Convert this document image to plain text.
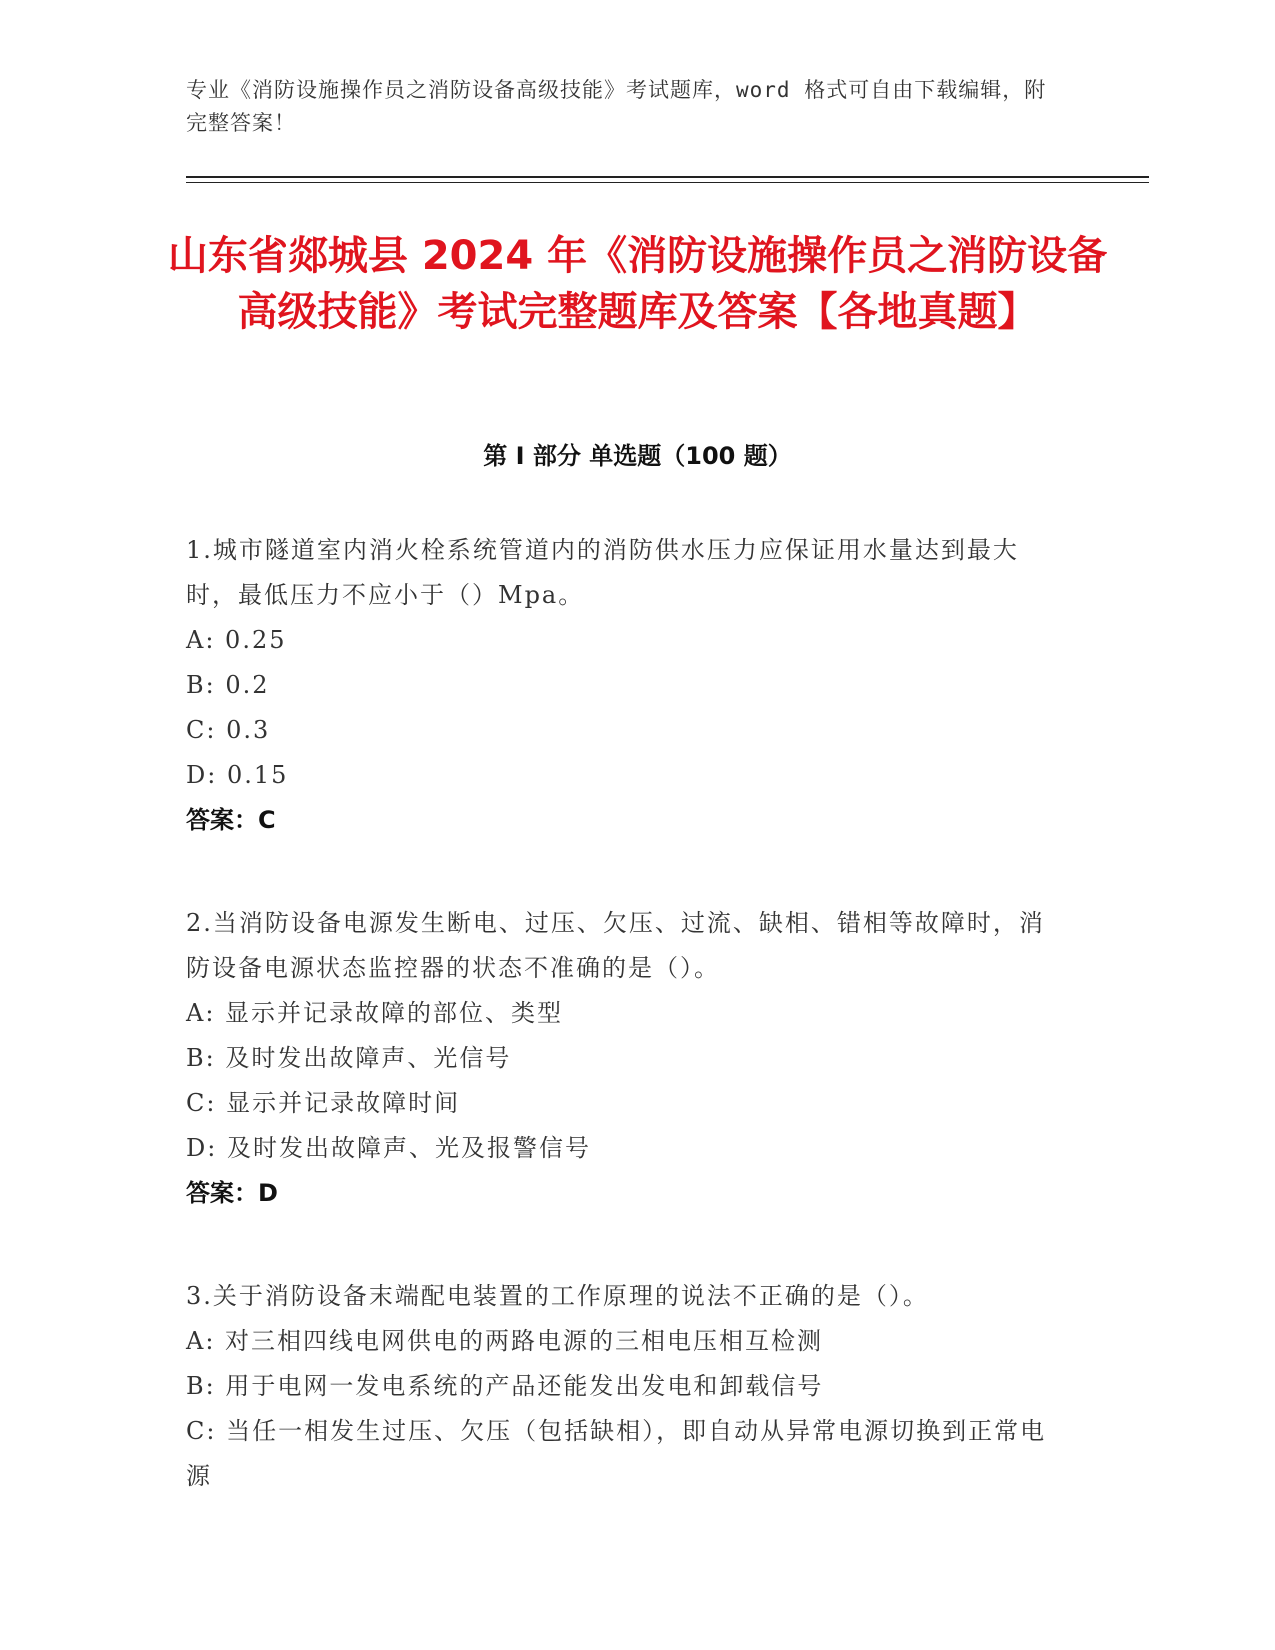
专业《消防设施操作员之消防设备高级技能》考试题库，word 格式可自由下载编辑，附完整答案！
山东省郯城县 2024 年《消防设施操作员之消防设备高级技能》考试完整题库及答案【各地真题】
第 I 部分 单选题（100 题）
1.城市隧道室内消火栓系统管道内的消防供水压力应保证用水量达到最大时，最低压力不应小于（）Mpa。
A: 0.25
B: 0.2
C: 0.3
D: 0.15
答案：C
2.当消防设备电源发生断电、过压、欠压、过流、缺相、错相等故障时，消防设备电源状态监控器的状态不准确的是（）。
A: 显示并记录故障的部位、类型
B: 及时发出故障声、光信号
C: 显示并记录故障时间
D: 及时发出故障声、光及报警信号
答案：D
3.关于消防设备末端配电装置的工作原理的说法不正确的是（）。
A: 对三相四线电网供电的两路电源的三相电压相互检测
B: 用于电网一发电系统的产品还能发出发电和卸载信号
C: 当任一相发生过压、欠压（包括缺相），即自动从异常电源切换到正常电源
